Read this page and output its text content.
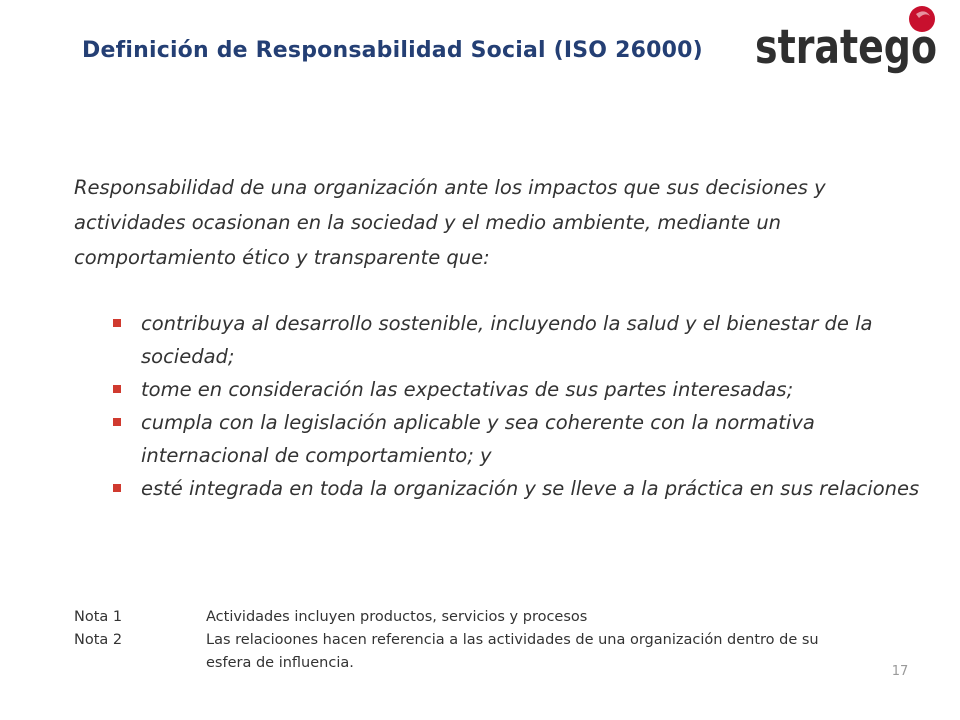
Definición de Responsabilidad Social (ISO 26000) stratego
Responsabilidad de una organización ante los impactos que sus decisiones y actividades ocasionan en la sociedad y el medio ambiente, mediante un comportamiento ético y transparente que:
contribuya al desarrollo sostenible, incluyendo la salud y el bienestar de la sociedad;
tome en consideración las expectativas de sus partes interesadas;
cumpla con la legislación aplicable y sea coherente con la normativa internacional de comportamiento; y
esté integrada en toda la organización y se lleve a la práctica en sus relaciones
Nota 1	Actividades incluyen productos, servicios y procesos
Nota 2	Las relacioones hacen referencia a las actividades de una organización dentro de su esfera de influencia.
17
